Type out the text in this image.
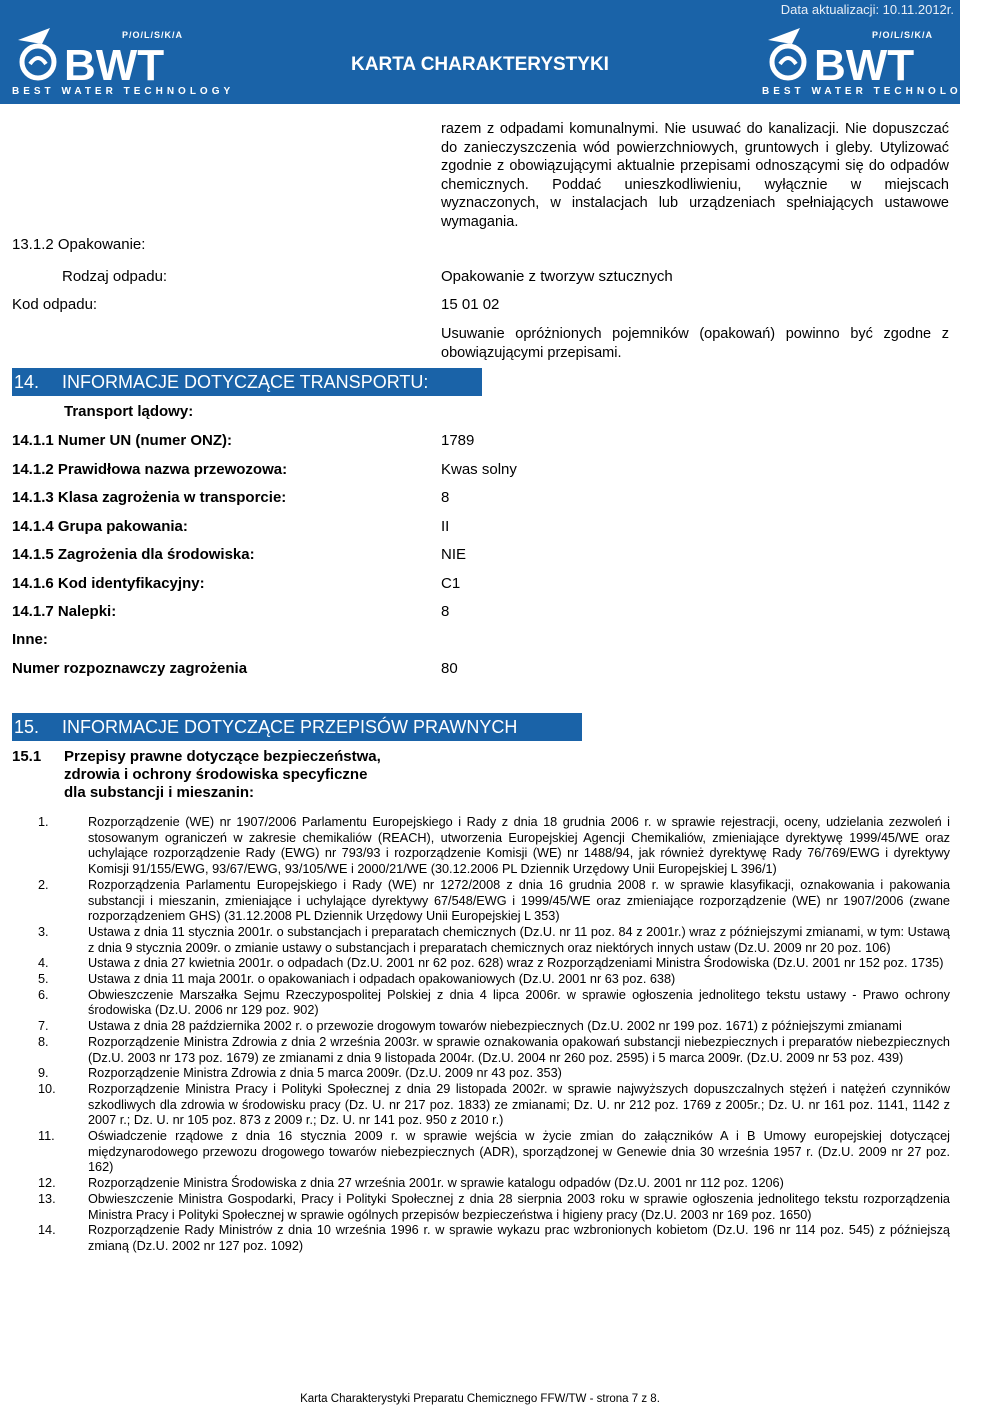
Data aktualizacji: 10.11.2012r.
P/O/L/S/K/A
BWT
BEST WATER TECHNOLOGY
KARTA CHARAKTERYSTYKI
P/O/L/S/K/A
BWT
BEST WATER TECHNOLOGY
razem z odpadami komunalnymi. Nie usuwać do kanalizacji. Nie dopuszczać do zanieczyszczenia wód powierzchniowych, gruntowych i gleby. Utylizować zgodnie z obowiązującymi aktualnie przepisami odnoszącymi się do odpadów chemicznych. Poddać unieszkodliwieniu, wyłącznie w miejscach wyznaczonych, w instalacjach lub urządzeniach spełniających ustawowe wymagania.
13.1.2 Opakowanie:
Rodzaj odpadu:	Opakowanie z tworzyw sztucznych
Kod odpadu:	15 01 02
Usuwanie opróżnionych pojemników (opakowań) powinno być zgodne z obowiązującymi przepisami.
14. INFORMACJE DOTYCZĄCE TRANSPORTU:
Transport lądowy:
14.1.1 Numer UN (numer ONZ):	1789
14.1.2 Prawidłowa nazwa przewozowa:	Kwas solny
14.1.3 Klasa zagrożenia w transporcie:	8
14.1.4 Grupa pakowania:	II
14.1.5 Zagrożenia dla środowiska:	NIE
14.1.6 Kod identyfikacyjny:	C1
14.1.7 Nalepki:	8
Inne:
Numer rozpoznawczy zagrożenia	80
15. INFORMACJE DOTYCZĄCE PRZEPISÓW PRAWNYCH
15.1 Przepisy prawne dotyczące bezpieczeństwa,
zdrowia i ochrony środowiska specyficzne
dla substancji i mieszanin:
1.	Rozporządzenie (WE) nr 1907/2006 Parlamentu Europejskiego i Rady z dnia 18 grudnia 2006 r. w sprawie rejestracji, oceny, udzielania zezwoleń i stosowanym ograniczeń w zakresie chemikaliów (REACH), utworzenia Europejskiej Agencji Chemikaliów, zmieniające dyrektywę 1999/45/WE oraz uchylające rozporządzenie Rady (EWG) nr 793/93 i rozporządzenie Komisji (WE) nr 1488/94, jak również dyrektywę Rady 76/769/EWG i dyrektywy Komisji 91/155/EWG, 93/67/EWG, 93/105/WE i 2000/21/WE (30.12.2006 PL Dziennik Urzędowy Unii Europejskiej L 396/1)
2.	Rozporządzenia Parlamentu Europejskiego i Rady (WE) nr 1272/2008 z dnia 16 grudnia 2008 r. w sprawie klasyfikacji, oznakowania i pakowania substancji i mieszanin, zmieniające i uchylające dyrektywy 67/548/EWG i 1999/45/WE oraz zmieniające rozporządzenie (WE) nr 1907/2006 (zwane rozporządzeniem GHS) (31.12.2008 PL Dziennik Urzędowy Unii Europejskiej L 353)
3.	Ustawa z dnia 11 stycznia 2001r. o substancjach i preparatach chemicznych (Dz.U. nr 11 poz. 84 z 2001r.) wraz z późniejszymi zmianami, w tym: Ustawą z dnia 9 stycznia 2009r. o zmianie ustawy o substancjach i preparatach chemicznych oraz niektórych innych ustaw (Dz.U. 2009 nr 20 poz. 106)
4.	Ustawa z dnia 27 kwietnia 2001r. o odpadach (Dz.U. 2001 nr 62 poz. 628) wraz z Rozporządzeniami Ministra Środowiska (Dz.U. 2001 nr 152 poz. 1735)
5.	Ustawa z dnia 11 maja 2001r. o opakowaniach i odpadach opakowaniowych (Dz.U. 2001 nr 63 poz. 638)
6.	Obwieszczenie Marszałka Sejmu Rzeczypospolitej Polskiej z dnia 4 lipca 2006r. w sprawie ogłoszenia jednolitego tekstu ustawy - Prawo ochrony środowiska (Dz.U. 2006 nr 129 poz. 902)
7.	Ustawa z dnia 28 października 2002 r. o przewozie drogowym towarów niebezpiecznych (Dz.U. 2002 nr 199 poz. 1671) z późniejszymi zmianami
8.	Rozporządzenie Ministra Zdrowia z dnia 2 września 2003r. w sprawie oznakowania opakowań substancji niebezpiecznych i preparatów niebezpiecznych (Dz.U. 2003 nr 173 poz. 1679) ze zmianami z dnia 9 listopada 2004r. (Dz.U. 2004 nr 260 poz. 2595) i 5 marca 2009r. (Dz.U. 2009 nr 53 poz. 439)
9.	Rozporządzenie Ministra Zdrowia z dnia 5 marca 2009r. (Dz.U. 2009 nr 43 poz. 353)
10.	Rozporządzenie Ministra Pracy i Polityki Społecznej z dnia 29 listopada 2002r. w sprawie najwyższych dopuszczalnych stężeń i natężeń czynników szkodliwych dla zdrowia w środowisku pracy (Dz. U. nr 217 poz. 1833) ze zmianami; Dz. U. nr 212 poz. 1769 z 2005r.; Dz. U. nr 161 poz. 1141, 1142 z 2007 r.; Dz. U. nr 105 poz. 873 z 2009 r.; Dz. U. nr 141 poz. 950 z 2010 r.)
11.	Oświadczenie rządowe z dnia 16 stycznia 2009 r. w sprawie wejścia w życie zmian do załączników A i B Umowy europejskiej dotyczącej międzynarodowego przewozu drogowego towarów niebezpiecznych (ADR), sporządzonej w Genewie dnia 30 września 1957 r. (Dz.U. 2009 nr 27 poz. 162)
12.	Rozporządzenie Ministra Środowiska z dnia 27 września 2001r. w sprawie katalogu odpadów (Dz.U. 2001 nr 112 poz. 1206)
13.	Obwieszczenie Ministra Gospodarki, Pracy i Polityki Społecznej z dnia 28 sierpnia 2003 roku w sprawie ogłoszenia jednolitego tekstu rozporządzenia Ministra Pracy i Polityki Społecznej w sprawie ogólnych przepisów bezpieczeństwa i higieny pracy (Dz.U. 2003 nr 169 poz. 1650)
14.	Rozporządzenie Rady Ministrów z dnia 10 września 1996 r. w sprawie wykazu prac wzbronionych kobietom (Dz.U. 196 nr 114 poz. 545) z późniejszą zmianą (Dz.U. 2002 nr 127 poz. 1092)
Karta Charakterystyki Preparatu Chemicznego FFW/TW - strona 7 z 8.
